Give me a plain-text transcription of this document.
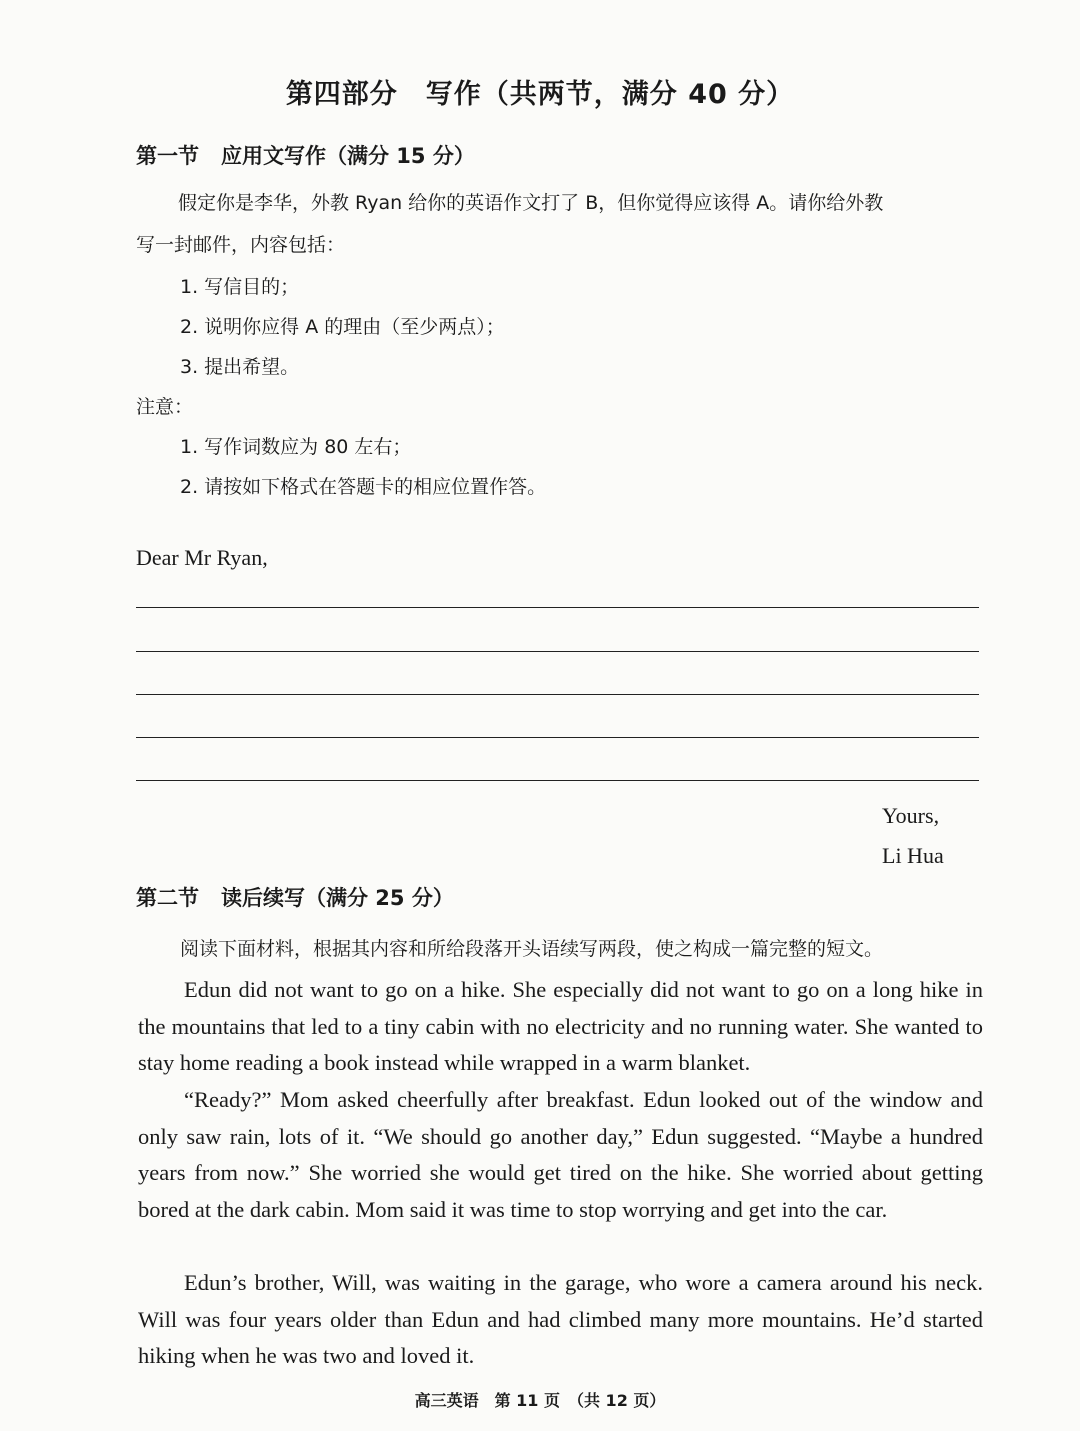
第四部分　写作（共两节，满分 40 分）
第一节 应用文写作（满分 15 分）
假定你是李华，外教 Ryan 给你的英语作文打了 B，但你觉得应该得 A。请你给外教
写一封邮件，内容包括：
1. 写信目的；
2. 说明你应得 A 的理由（至少两点）；
3. 提出希望。
注意：
1. 写作词数应为 80 左右；
2. 请按如下格式在答题卡的相应位置作答。
Dear Mr Ryan,
Yours,
Li Hua
第二节 读后续写（满分 25 分）
阅读下面材料，根据其内容和所给段落开头语续写两段，使之构成一篇完整的短文。

Edun did not want to go on a hike. She especially did not want to go on a long hike in the mountains that led to a tiny cabin with no electricity and no running water. She wanted to stay home reading a book instead while wrapped in a warm blanket.

“Ready?” Mom asked cheerfully after breakfast. Edun looked out of the window and only saw rain, lots of it. “We should go another day,” Edun suggested. “Maybe a hundred years from now.” She worried she would get tired on the hike. She worried about getting bored at the dark cabin. Mom said it was time to stop worrying and get into the car.

Edun’s brother, Will, was waiting in the garage, who wore a camera around his neck. Will was four years older than Edun and had climbed many more mountains. He’d started hiking when he was two and loved it.

高三英语　第 11 页　（共 12 页）
